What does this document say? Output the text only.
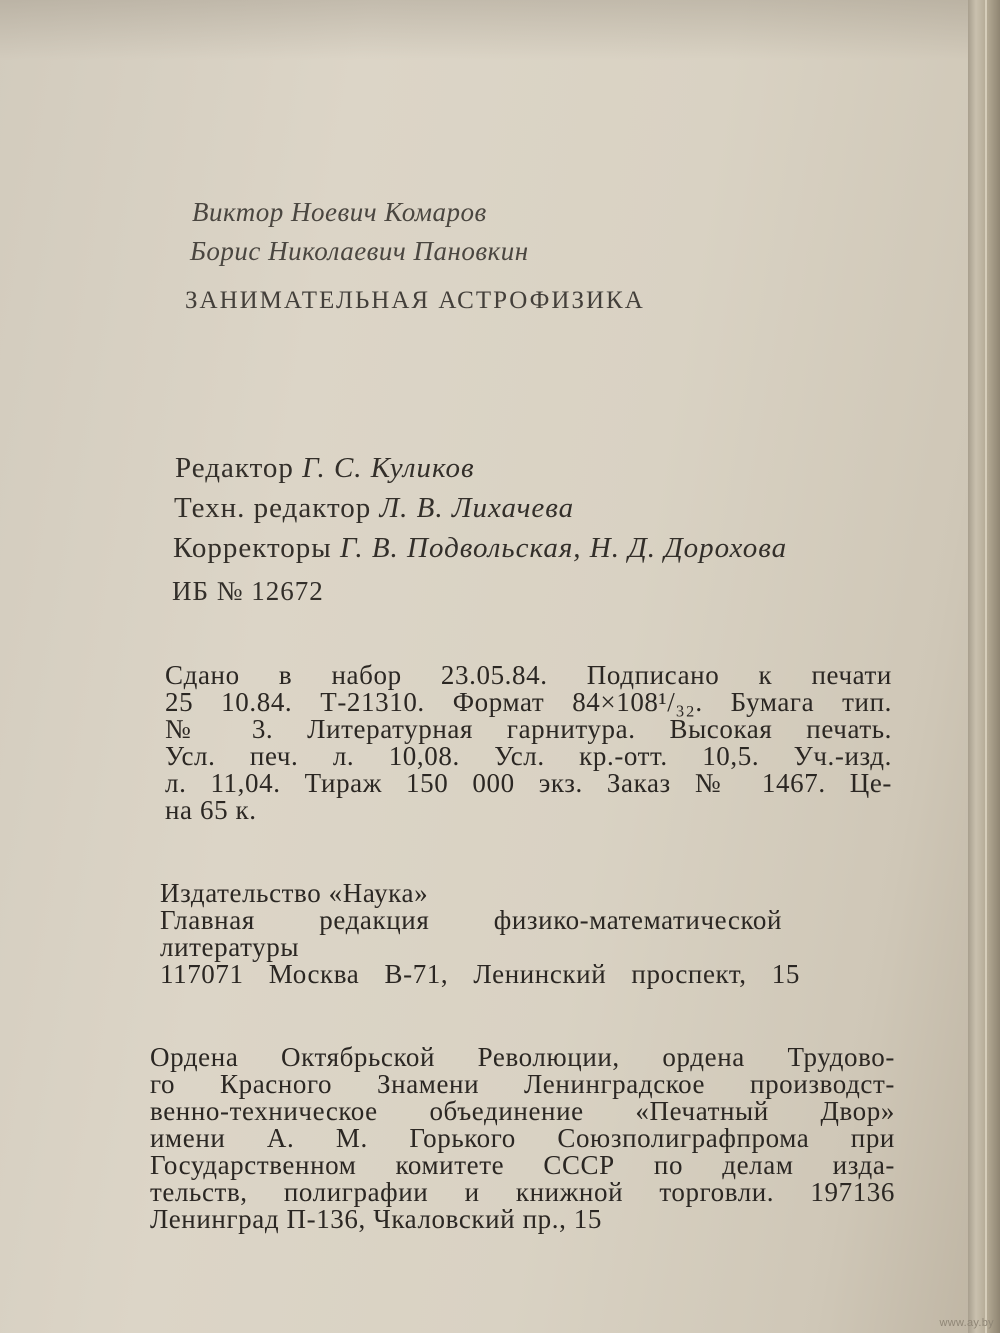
Виктор Ноевич Комаров
Борис Николаевич Пановкин
ЗАНИМАТЕЛЬНАЯ АСТРОФИЗИКА
Редактор Г. С. Куликов
Техн. редактор Л. В. Лихачева
Корректоры Г. В. Подвольская, Н. Д. Дорохова
ИБ № 12672

Сдано в набор 23.05.84. Подписано к печати

25 10.84. Т-21310. Формат 84×108¹/₃₂. Бумага тип.

№ 3. Литературная гарнитура. Высокая печать.

Усл. печ. л. 10,08. Усл. кр.-отт. 10,5. Уч.-изд.

л. 11,04. Тираж 150 000 экз. Заказ № 1467. Це-

на 65 к.

Издательство «Наука»

Главная редакция физико-математической

литературы

117071 Москва В-71, Ленинский проспект, 15

Ордена Октябрьской Революции, ордена Трудово-

го Красного Знамени Ленинградское производст-

венно-техническое объединение «Печатный Двор»

имени А. М. Горького Союзполиграфпрома при

Государственном комитете СССР по делам изда-

тельств, полиграфии и книжной торговли. 197136

Ленинград П-136, Чкаловский пр., 15

www.ay.by
